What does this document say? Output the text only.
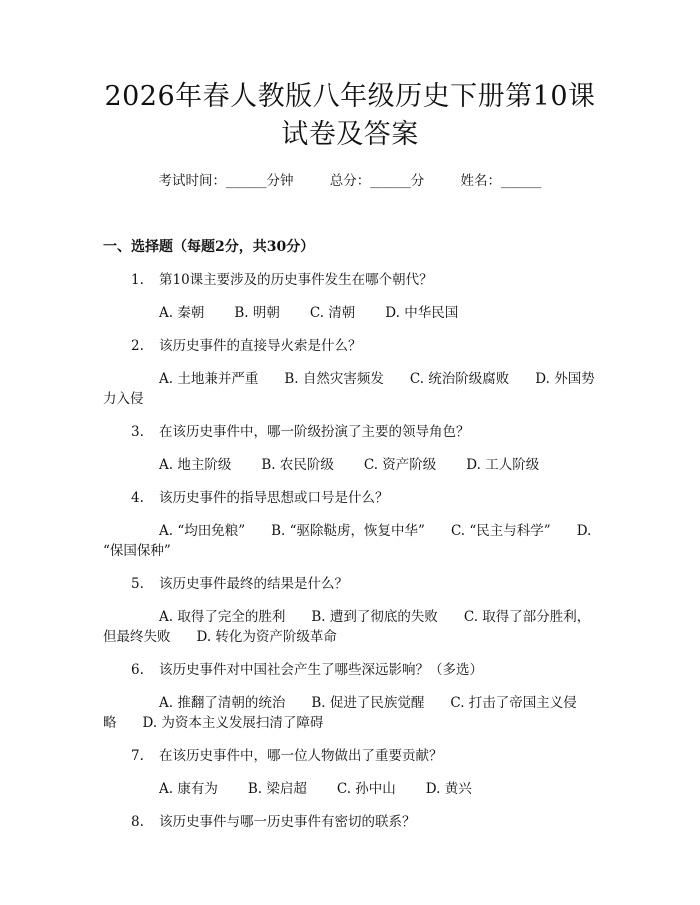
2026年春人教版八年级历史下册第10课试卷及答案
考试时间：______分钟	总分：______分	姓名：______
一、选择题（每题2分，共30分）
1.	第10课主要涉及的历史事件发生在哪个朝代？
A. 秦朝 B. 明朝 C. 清朝 D. 中华民国
2.	该历史事件的直接导火索是什么？
A. 土地兼并严重 B. 自然灾害频发 C. 统治阶级腐败 D. 外国势力入侵
3.	在该历史事件中，哪一阶级扮演了主要的领导角色？
A. 地主阶级 B. 农民阶级 C. 资产阶级 D. 工人阶级
4.	该历史事件的指导思想或口号是什么？
A. “均田免粮” B. “驱除鞑虏，恢复中华” C. “民主与科学” D. “保国保种”
5.	该历史事件最终的结果是什么？
A. 取得了完全的胜利 B. 遭到了彻底的失败 C. 取得了部分胜利，但最终失败 D. 转化为资产阶级革命
6.	该历史事件对中国社会产生了哪些深远影响？（多选）
A. 推翻了清朝的统治 B. 促进了民族觉醒 C. 打击了帝国主义侵略 D. 为资本主义发展扫清了障碍
7.	在该历史事件中，哪一位人物做出了重要贡献？
A. 康有为 B. 梁启超 C. 孙中山 D. 黄兴
8.	该历史事件与哪一历史事件有密切的联系？
